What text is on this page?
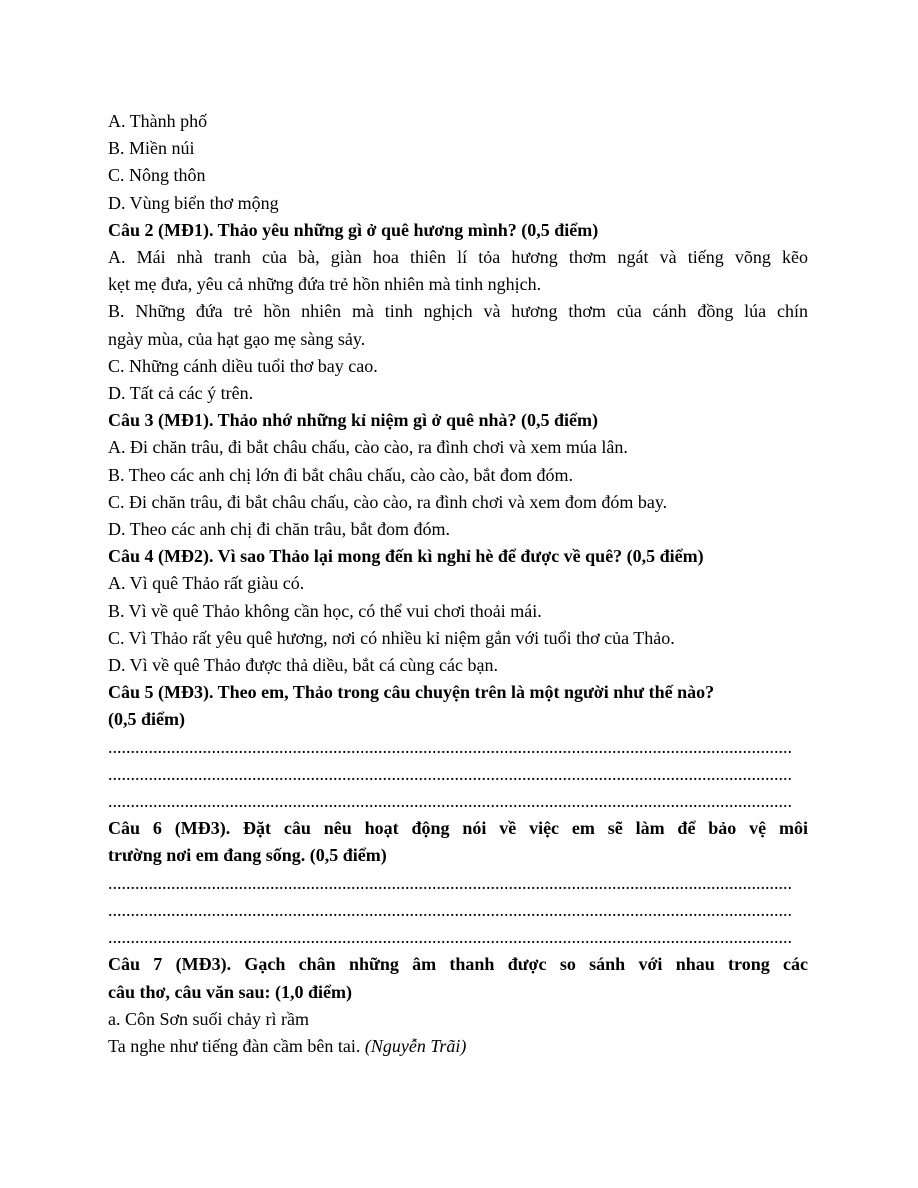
A. Thành phố
B. Miền núi
C. Nông thôn
D. Vùng biển thơ mộng
Câu 2 (MĐ1). Thảo yêu những gì ở quê hương mình? (0,5 điểm)
A. Mái nhà tranh của bà, giàn hoa thiên lí tỏa hương thơm ngát và tiếng võng kẽo
kẹt mẹ đưa, yêu cả những đứa trẻ hồn nhiên mà tinh nghịch.
B. Những đứa trẻ hồn nhiên mà tinh nghịch và hương thơm của cánh đồng lúa chín
ngày mùa, của hạt gạo mẹ sàng sảy.
C. Những cánh diều tuổi thơ bay cao.
D. Tất cả các ý trên.
Câu 3 (MĐ1). Thảo nhớ những kỉ niệm gì ở quê nhà? (0,5 điểm)
A. Đi chăn trâu, đi bắt châu chấu, cào cào, ra đình chơi và xem múa lân.
B. Theo các anh chị lớn đi bắt châu chấu, cào cào, bắt đom đóm.
C. Đi chăn trâu, đi bắt châu chấu, cào cào, ra đình chơi và xem đom đóm bay.
D. Theo các anh chị đi chăn trâu, bắt đom đóm.
Câu 4 (MĐ2). Vì sao Thảo lại mong đến kì nghỉ hè để được về quê? (0,5 điểm)
A. Vì quê Thảo rất giàu có.
B. Vì về quê Thảo không cần học, có thể vui chơi thoải mái.
C. Vì Thảo rất yêu quê hương, nơi có nhiều kỉ niệm gắn với tuổi thơ của Thảo.
D. Vì về quê Thảo được thả diều, bắt cá cùng các bạn.
Câu 5 (MĐ3). Theo em, Thảo trong câu chuyện trên là một người như thế nào?
(0,5 điểm)
........................................................................................................................................................
........................................................................................................................................................
........................................................................................................................................................
Câu 6 (MĐ3). Đặt câu nêu hoạt động nói về việc em sẽ làm để bảo vệ môi
trường nơi em đang sống. (0,5 điểm)
........................................................................................................................................................
........................................................................................................................................................
........................................................................................................................................................
Câu 7 (MĐ3). Gạch chân những âm thanh được so sánh với nhau trong các
câu thơ, câu văn sau: (1,0 điểm)
a. Côn Sơn suối chảy rì rầm
Ta nghe như tiếng đàn cầm bên tai. (Nguyễn Trãi)
